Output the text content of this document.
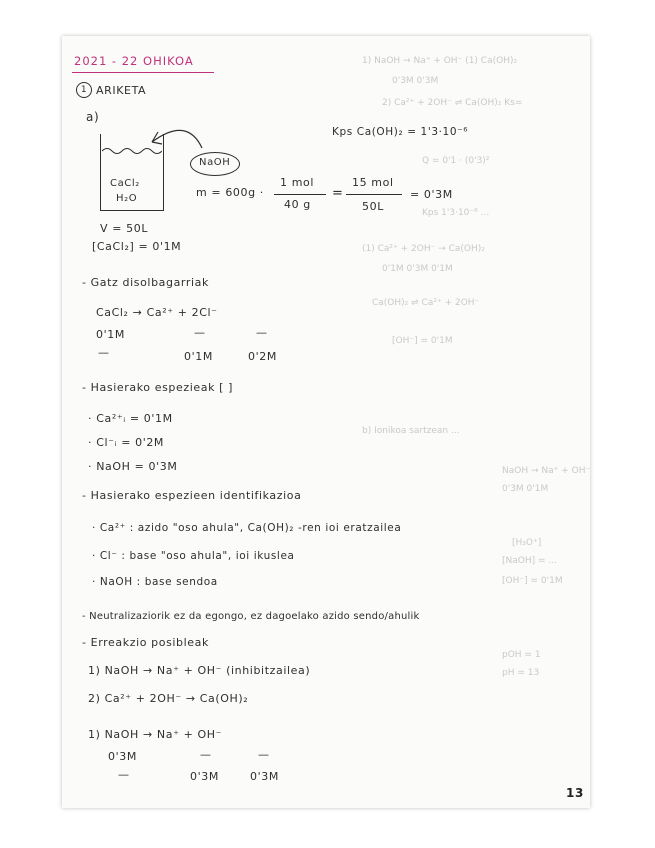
1) NaOH → Na⁺ + OH⁻ (1) Ca(OH)₂
0'3M 0'3M
2) Ca²⁺ + 2OH⁻ ⇌ Ca(OH)₂ Ks=
Q = 0'1 · (0'3)²
Kps 1'3·10⁻⁶ ...
(1) Ca²⁺ + 2OH⁻ → Ca(OH)₂
0'1M 0'3M 0'1M
Ca(OH)₂ ⇌ Ca²⁺ + 2OH⁻
[OH⁻] = 0'1M
b) Ionikoa sartzean ...
NaOH → Na⁺ + OH⁻
0'3M 0'1M
[H₃O⁺]
[NaOH] = ...
[OH⁻] = 0'1M
pOH = 1
pH = 13
2021 - 22 OHIKOA
1 ARIKETA
a)
CaCl₂
H₂O
NaOH
V = 50L
[CaCl₂] = 0'1M
Kps Ca(OH)₂ = 1'3·10⁻⁶
m = 600g ·
1 mol
40 g
=
15 mol
50L
= 0'3M
- Gatz disolbagarriak
CaCl₂ → Ca²⁺ + 2Cl⁻
0'1M	—	—
—	0'1M	0'2M
- Hasierako espezieak [ ]
· Ca²⁺ᵢ = 0'1M
· Cl⁻ᵢ = 0'2M
· NaOH = 0'3M
- Hasierako espezieen identifikazioa
· Ca²⁺ : azido "oso ahula", Ca(OH)₂ -ren ioi eratzailea
· Cl⁻ : base "oso ahula", ioi ikuslea
· NaOH : base sendoa
- Neutralizaziorik ez da egongo, ez dagoelako azido sendo/ahulik
- Erreakzio posibleak
1) NaOH → Na⁺ + OH⁻ (inhibitzailea)
2) Ca²⁺ + 2OH⁻ → Ca(OH)₂
1) NaOH → Na⁺ + OH⁻
0'3M	—	—
—	0'3M	0'3M
13
